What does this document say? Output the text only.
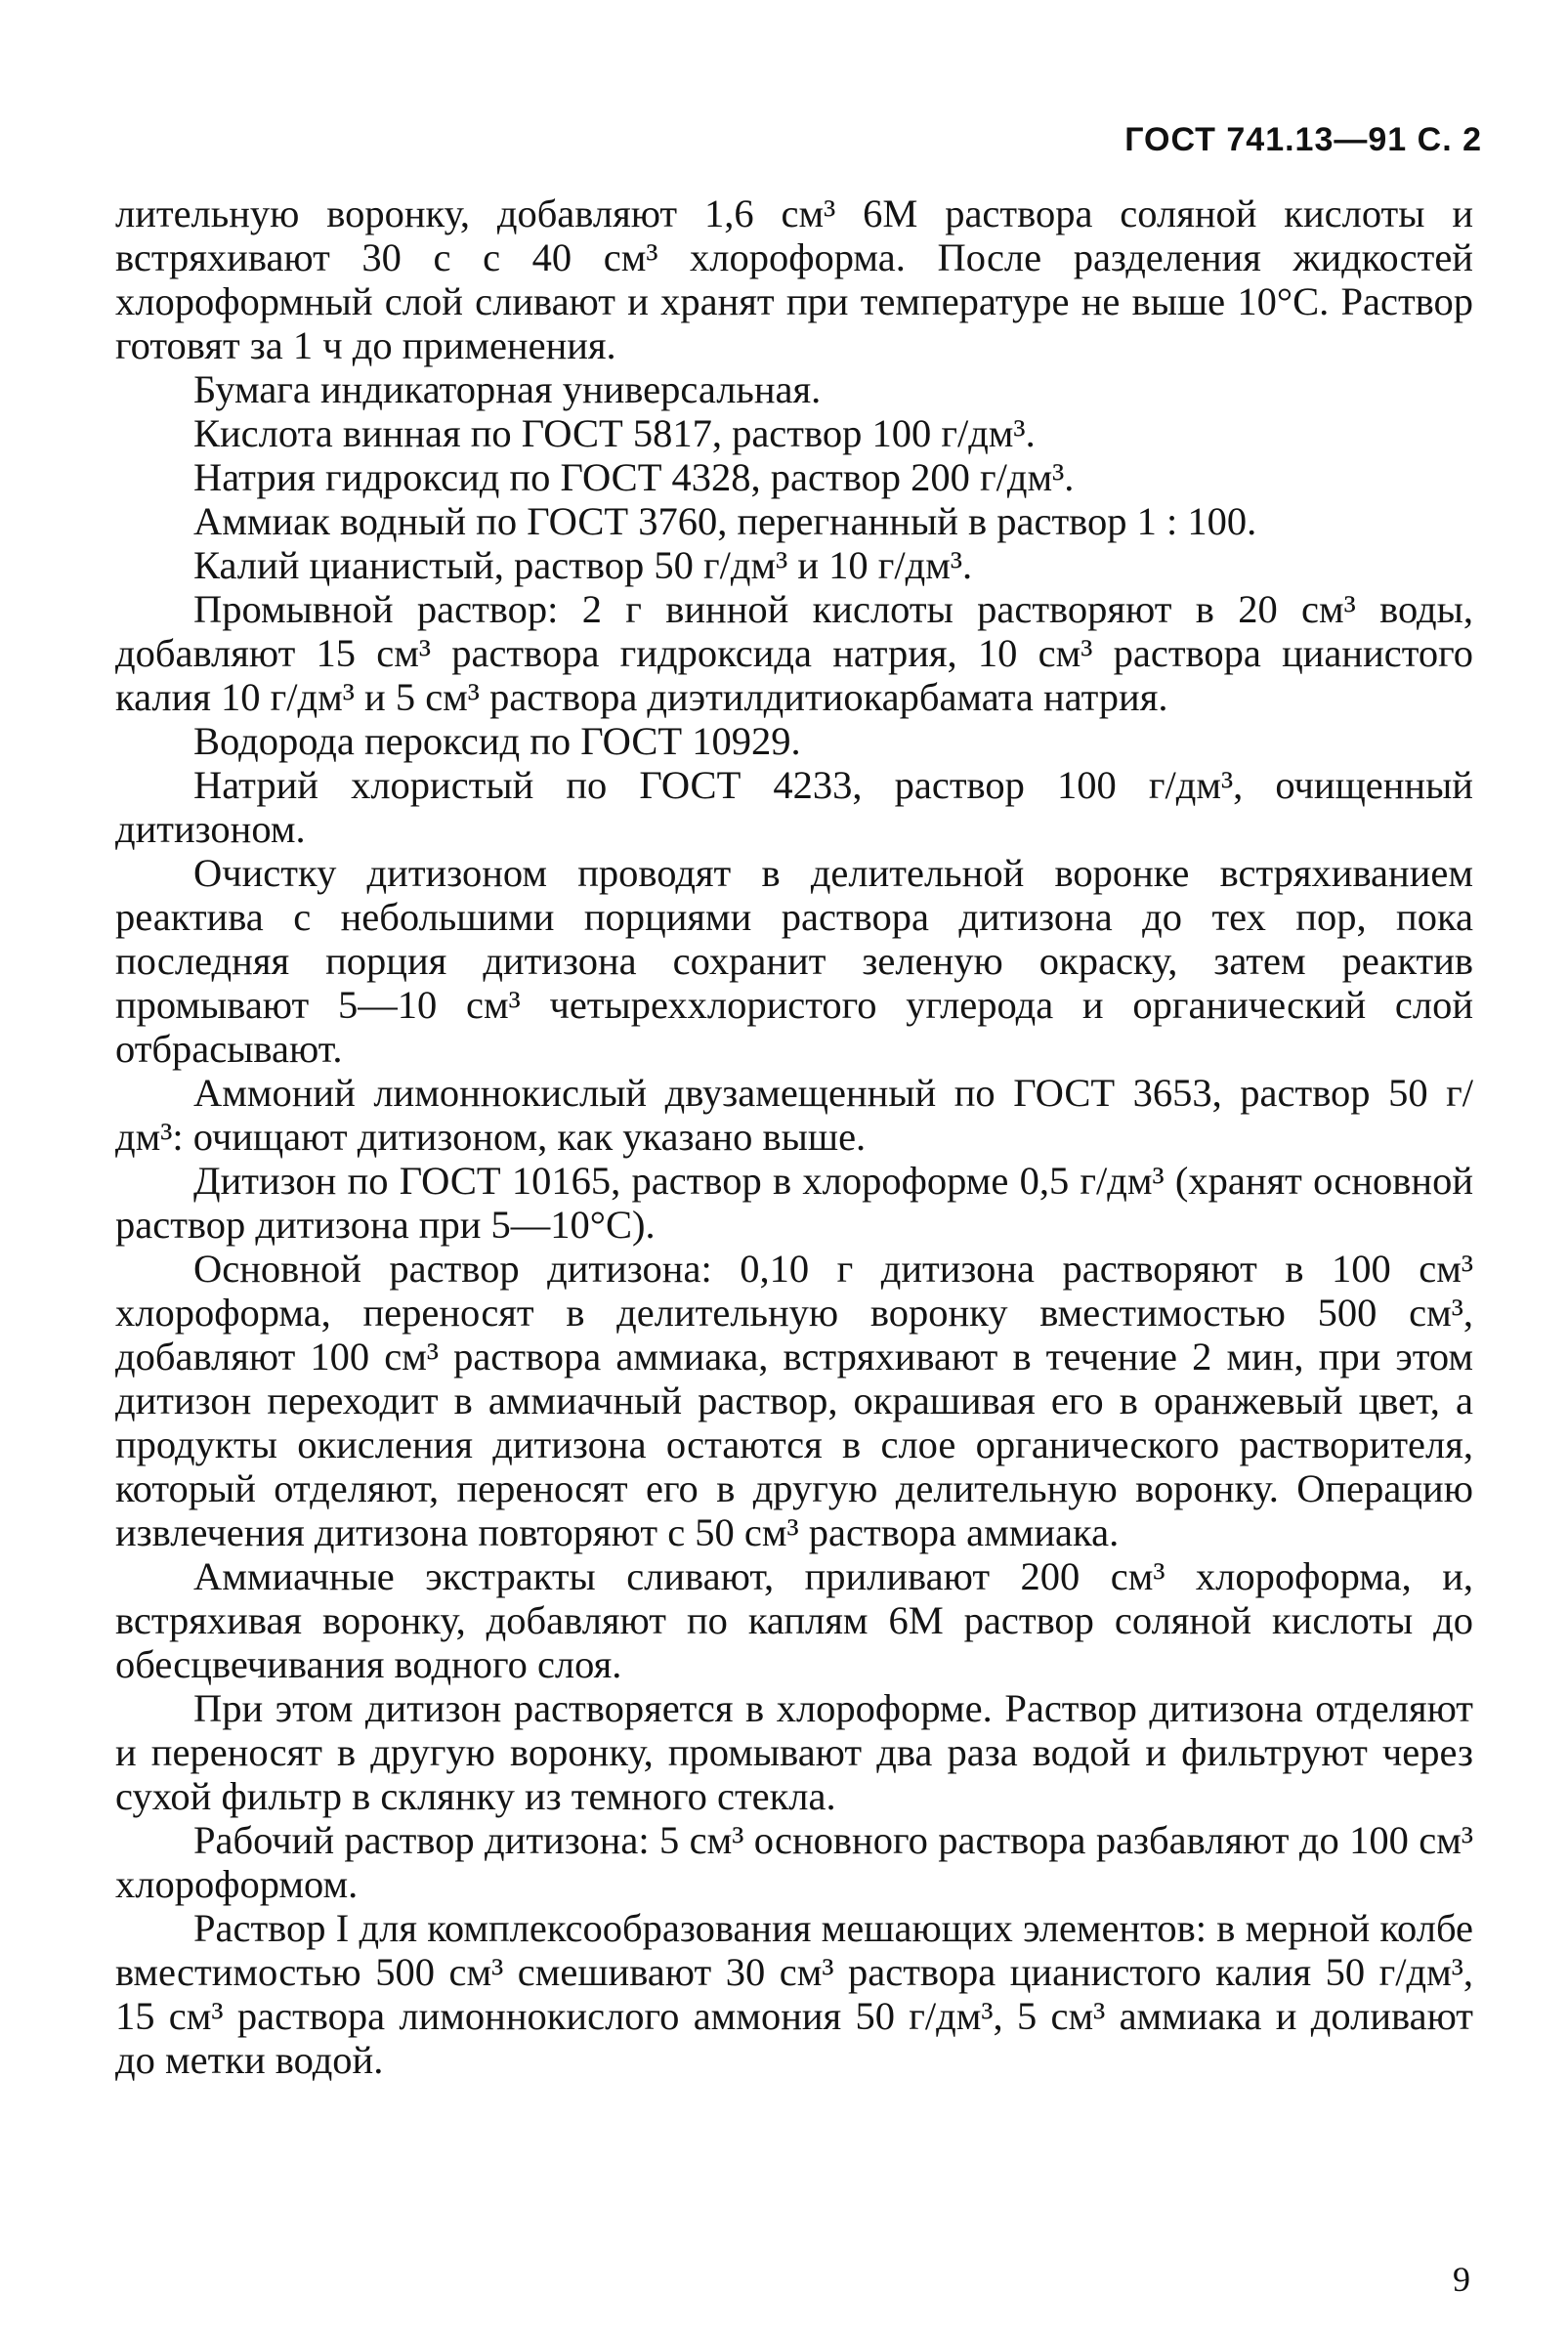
ГОСТ 741.13—91 С. 2

лительную воронку, добавляют 1,6 см³ 6М раствора соляной кислоты и встряхивают 30 с с 40 см³ хлороформа. После разделения жидкостей хлороформный слой сливают и хранят при температуре не выше 10°С. Раствор готовят за 1 ч до применения.

Бумага индикаторная универсальная.

Кислота винная по ГОСТ 5817, раствор 100 г/дм³.

Натрия гидроксид по ГОСТ 4328, раствор 200 г/дм³.

Аммиак водный по ГОСТ 3760, перегнанный в раствор 1 : 100.

Калий цианистый, раствор 50 г/дм³ и 10 г/дм³.

Промывной раствор: 2 г винной кислоты растворяют в 20 см³ воды, добавляют 15 см³ раствора гидроксида натрия, 10 см³ раствора цианистого калия 10 г/дм³ и 5 см³ раствора диэтилдитиокарбамата натрия.

Водорода пероксид по ГОСТ 10929.

Натрий хлористый по ГОСТ 4233, раствор 100 г/дм³, очищенный дитизоном.

Очистку дитизоном проводят в делительной воронке встряхиванием реактива с небольшими порциями раствора дитизона до тех пор, пока последняя порция дитизона сохранит зеленую окраску, затем реактив промывают 5—10 см³ четыреххлористого углерода и органический слой отбрасывают.

Аммоний лимоннокислый двузамещенный по ГОСТ 3653, раствор 50 г/дм³: очищают дитизоном, как указано выше.

Дитизон по ГОСТ 10165, раствор в хлороформе 0,5 г/дм³ (хранят основной раствор дитизона при 5—10°С).

Основной раствор дитизона: 0,10 г дитизона растворяют в 100 см³ хлороформа, переносят в делительную воронку вместимостью 500 см³, добавляют 100 см³ раствора аммиака, встряхивают в течение 2 мин, при этом дитизон переходит в аммиачный раствор, окрашивая его в оранжевый цвет, а продукты окисления дитизона остаются в слое органического растворителя, который отделяют, переносят его в другую делительную воронку. Операцию извлечения дитизона повторяют с 50 см³ раствора аммиака.

Аммиачные экстракты сливают, приливают 200 см³ хлороформа, и, встряхивая воронку, добавляют по каплям 6М раствор соляной кислоты до обесцвечивания водного слоя.

При этом дитизон растворяется в хлороформе. Раствор дитизона отделяют и переносят в другую воронку, промывают два раза водой и фильтруют через сухой фильтр в склянку из темного стекла.

Рабочий раствор дитизона: 5 см³ основного раствора разбавляют до 100 см³ хлороформом.

Раствор I для комплексообразования мешающих элементов: в мерной колбе вместимостью 500 см³ смешивают 30 см³ раствора цианистого калия 50 г/дм³, 15 см³ раствора лимоннокислого аммония 50 г/дм³, 5 см³ аммиака и доливают до метки водой.

9
